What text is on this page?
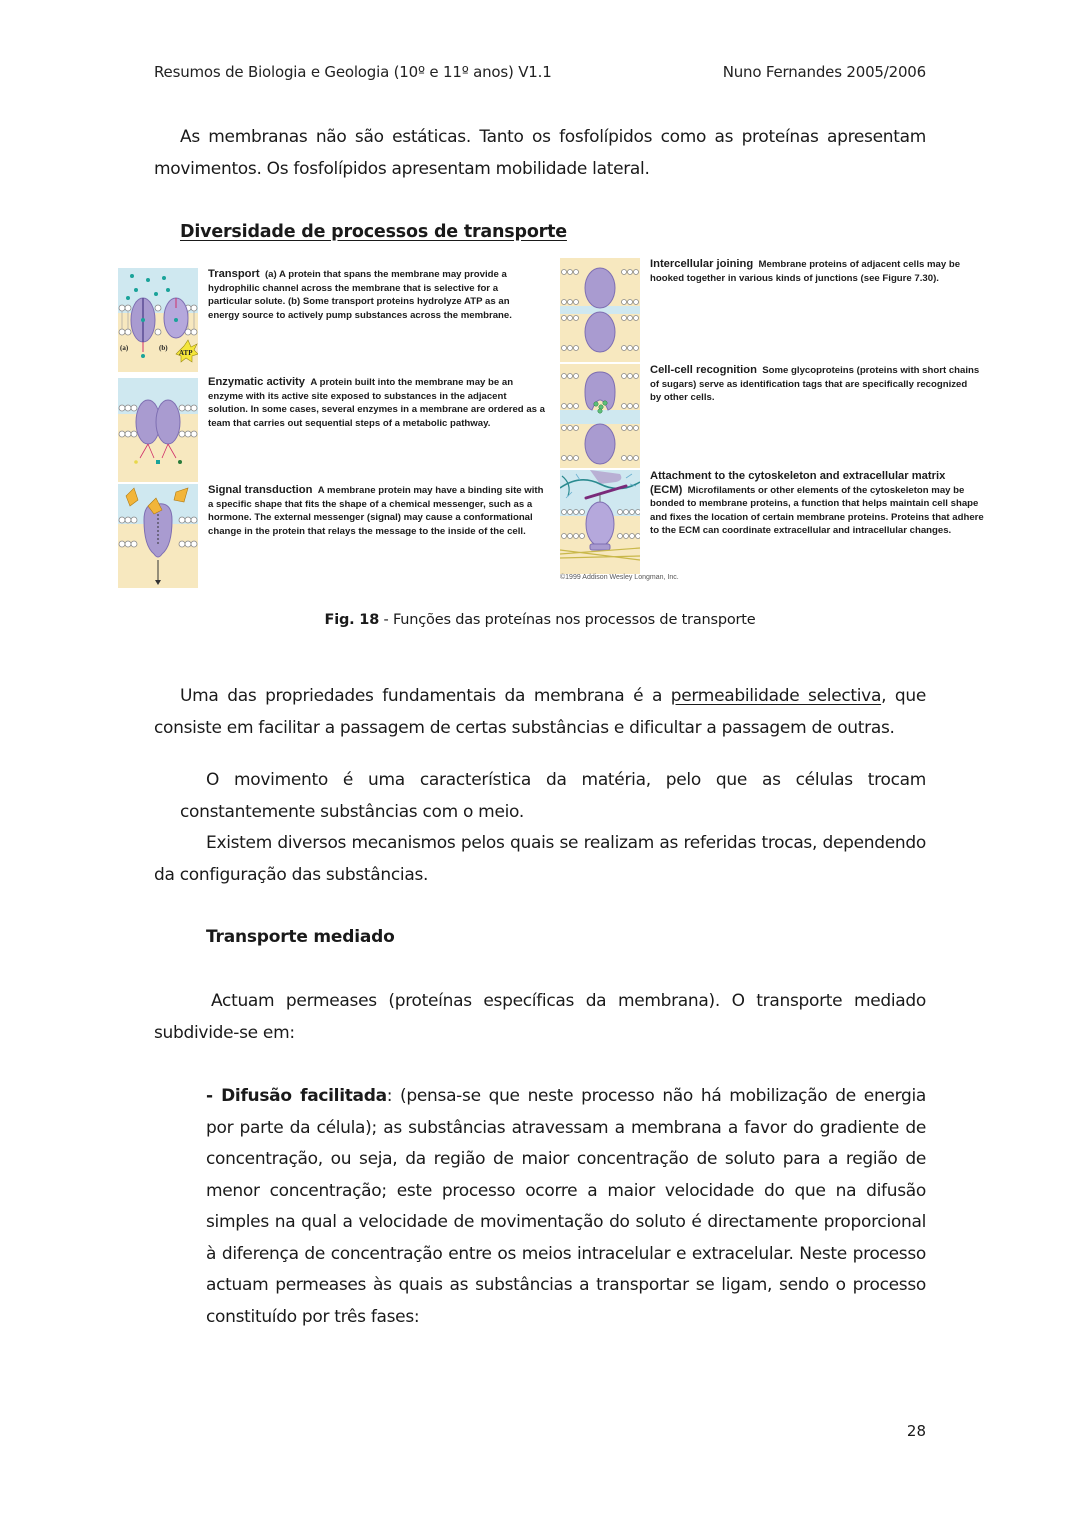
Resumos de Biologia e Geologia (10º e 11º anos) V1.1	Nuno Fernandes 2005/2006
As membranas não são estáticas. Tanto os fosfolípidos como as proteínas apresentam movimentos. Os fosfolípidos apresentam mobilidade lateral.
Diversidade de processos de transporte
ATP
(a)	(b)
Transport (a) A protein that spans the membrane may provide a hydrophilic channel across the membrane that is selective for a particular solute. (b) Some transport proteins hydrolyze ATP as an energy source to actively pump substances across the membrane.
Enzymatic activity A protein built into the membrane may be an enzyme with its active site exposed to substances in the adjacent solution. In some cases, several enzymes in a membrane are ordered as a team that carries out sequential steps of a metabolic pathway.
Signal transduction A membrane protein may have a binding site with a specific shape that fits the shape of a chemical messenger, such as a hormone. The external messenger (signal) may cause a conformational change in the protein that relays the message to the inside of the cell.
Intercellular joining Membrane proteins of adjacent cells may be hooked together in various kinds of junctions (see Figure 7.30).
Cell-cell recognition Some glycoproteins (proteins with short chains of sugars) serve as identification tags that are specifically recognized by other cells.
Attachment to the cytoskeleton and extracellular matrix (ECM) Microfilaments or other elements of the cytoskeleton may be bonded to membrane proteins, a function that helps maintain cell shape and fixes the location of certain membrane proteins. Proteins that adhere to the ECM can coordinate extracellular and intracellular changes.
©1999 Addison Wesley Longman, Inc.
Fig. 18 - Funções das proteínas nos processos de transporte
Uma das propriedades fundamentais da membrana é a permeabilidade selectiva, que consiste em facilitar a passagem de certas substâncias e dificultar a passagem de outras.
O movimento é uma característica da matéria, pelo que as células trocam constantemente substâncias com o meio.
Existem diversos mecanismos pelos quais se realizam as referidas trocas, dependendo da configuração das substâncias.
Transporte mediado
Actuam permeases (proteínas específicas da membrana). O transporte mediado subdivide-se em:
- Difusão facilitada: (pensa-se que neste processo não há mobilização de energia por parte da célula); as substâncias atravessam a membrana a favor do gradiente de concentração, ou seja, da região de maior concentração de soluto para a região de menor concentração; este processo ocorre a maior velocidade do que na difusão simples na qual a velocidade de movimentação do soluto é directamente proporcional à diferença de concentração entre os meios intracelular e extracelular. Neste processo actuam permeases às quais as substâncias a transportar se ligam, sendo o processo constituído por três fases:
28
